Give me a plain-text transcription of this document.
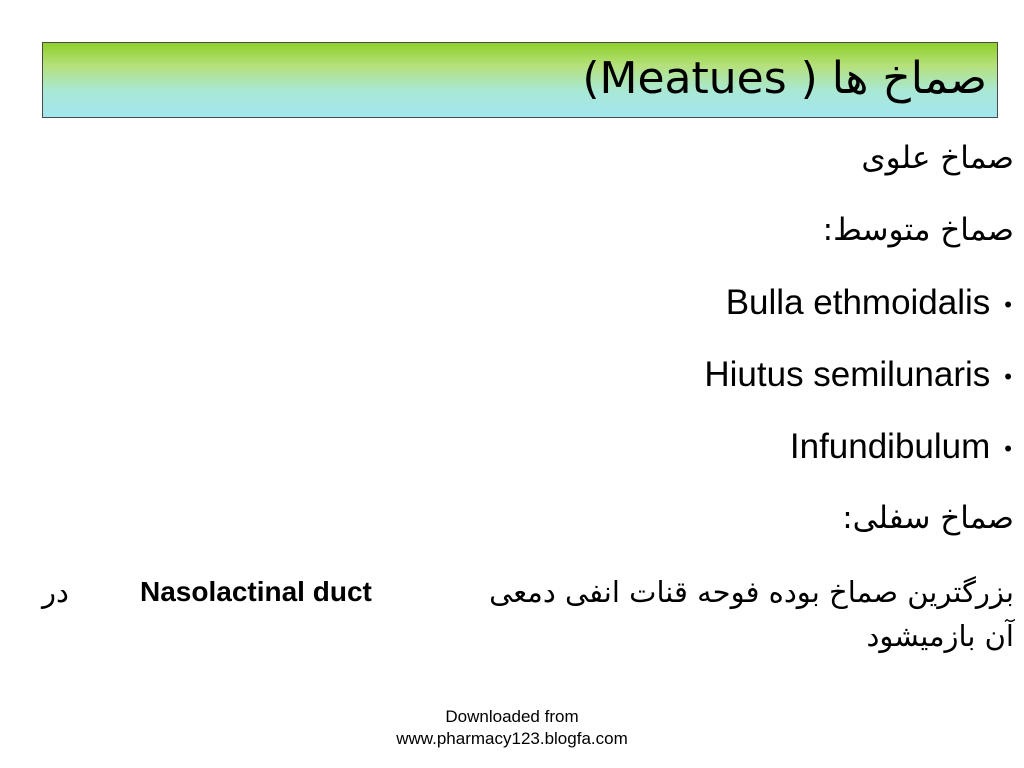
صماخ ها ( Meatues)
صماخ علوی
صماخ متوسط:
Bulla ethmoidalis •
Hiutus semilunaris •
Infundibulum •
صماخ سفلی:
بزرگترین صماخ بوده فوحه قنات انفی دمعی
Nasolactinal duct
در
آن بازمیشود
Downloaded from
www.pharmacy123.blogfa.com
